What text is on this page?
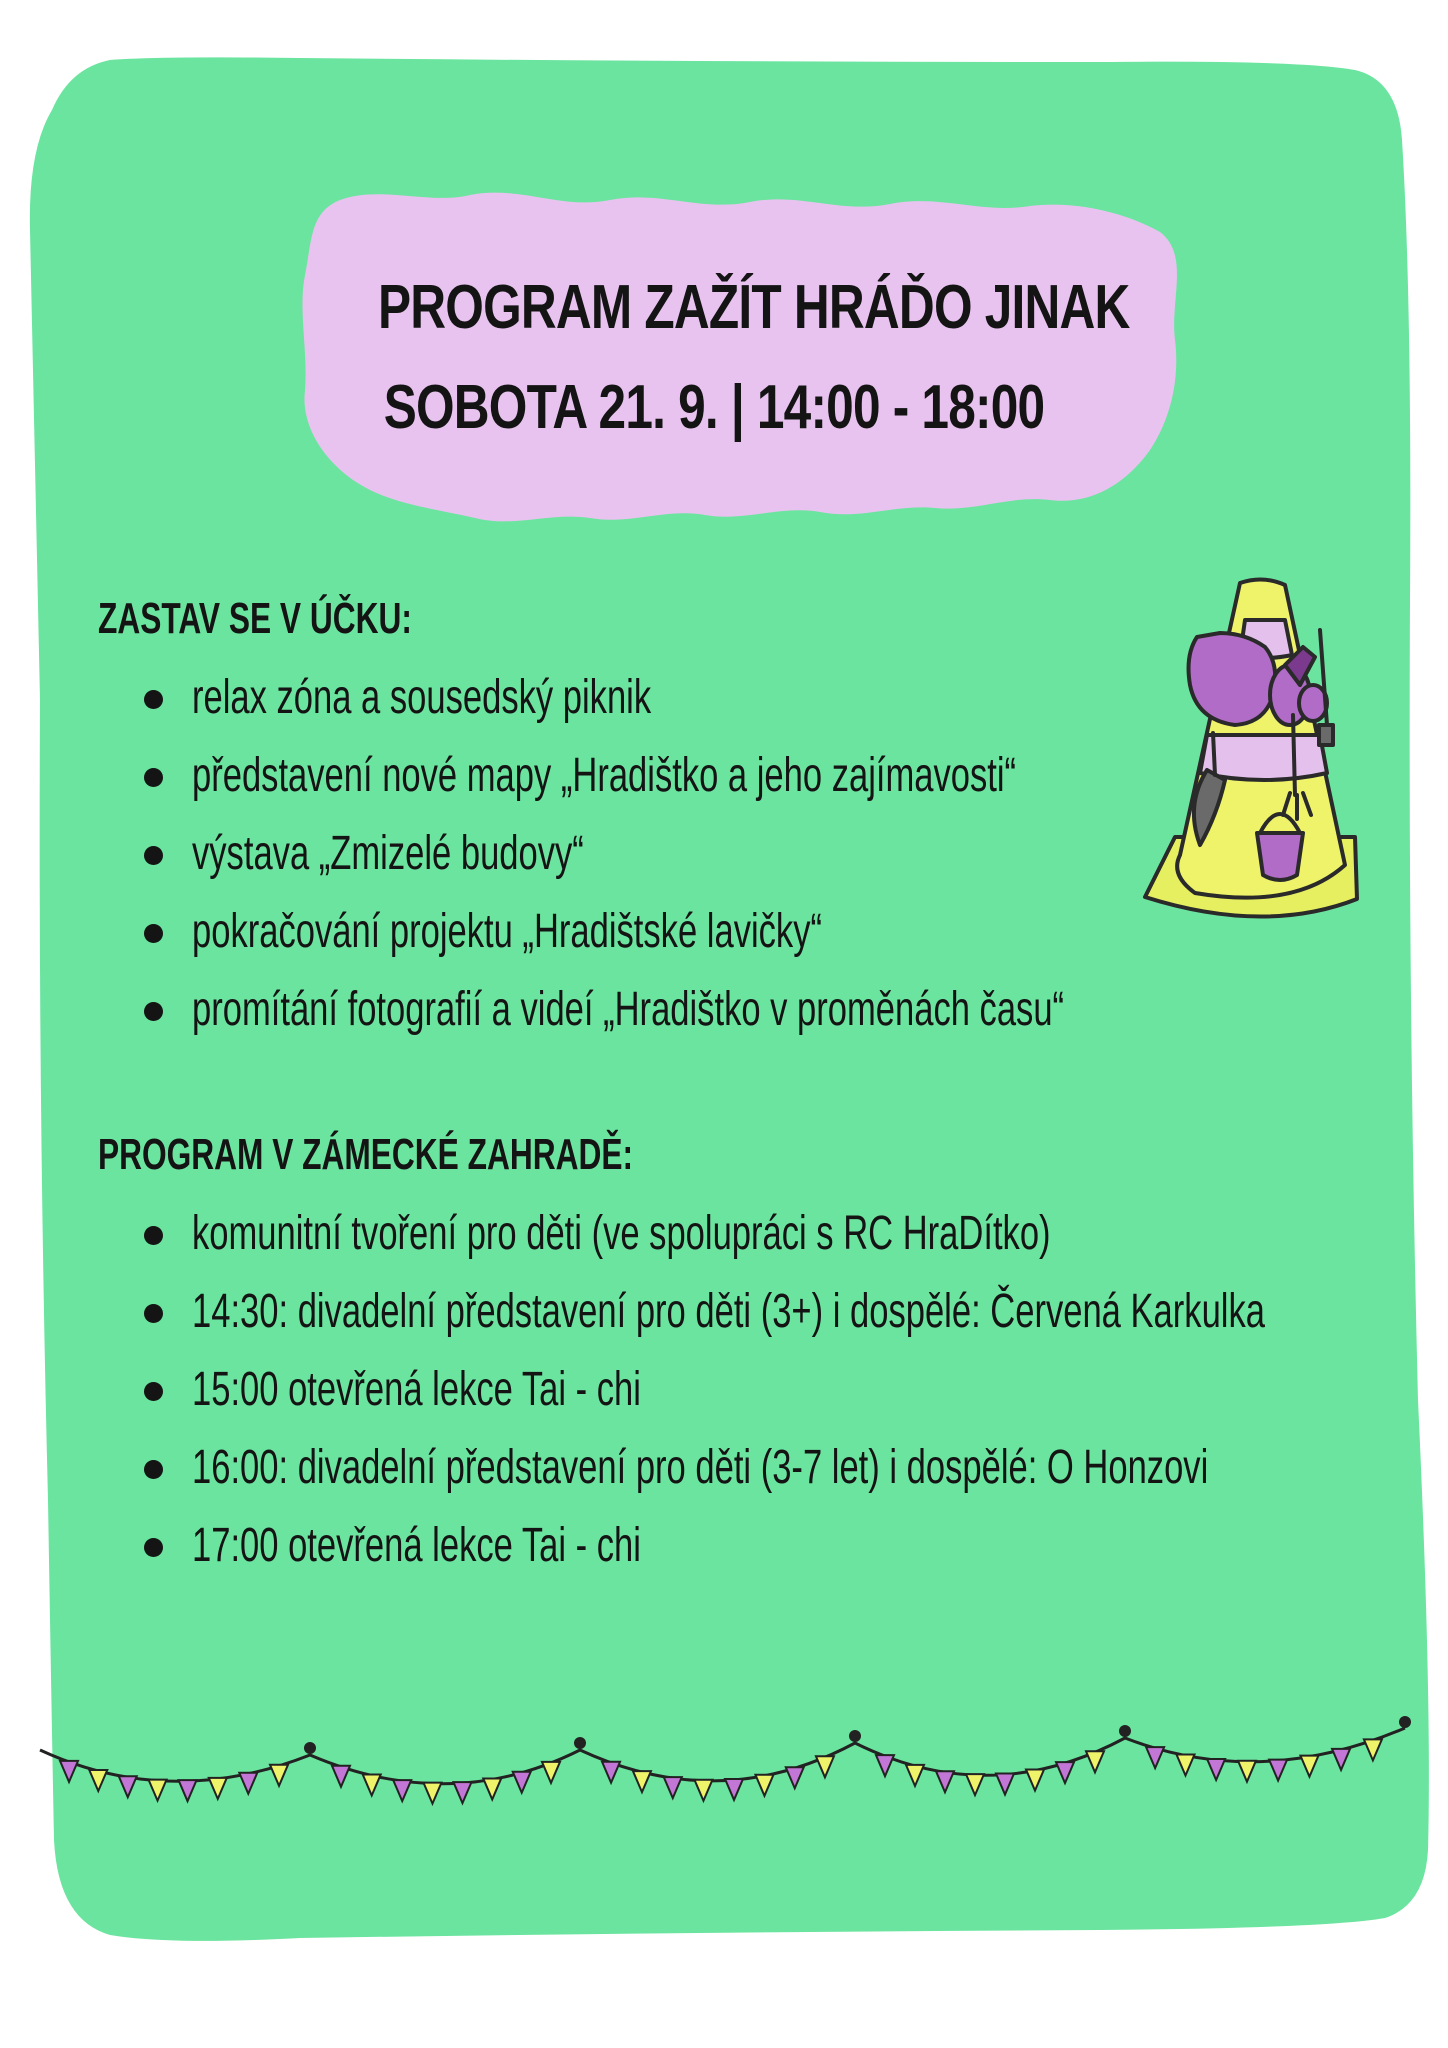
PROGRAM ZAŽÍT HRÁĎO JINAK
SOBOTA 21. 9. | 14:00 - 18:00
ZASTAV SE V ÚČKU:
relax zóna a sousedský piknik
představení nové mapy „Hradištko a jeho zajímavosti“
výstava „Zmizelé budovy“
pokračování projektu „Hradištské lavičky“
promítání fotografií a videí „Hradištko v proměnách času“
PROGRAM V ZÁMECKÉ ZAHRADĚ:
komunitní tvoření pro děti (ve spolupráci s RC HraDítko)
14:30: divadelní představení pro děti (3+) i dospělé: Červená Karkulka
15:00 otevřená lekce Tai - chi
16:00: divadelní představení pro děti (3-7 let) i dospělé: O Honzovi
17:00 otevřená lekce Tai - chi
